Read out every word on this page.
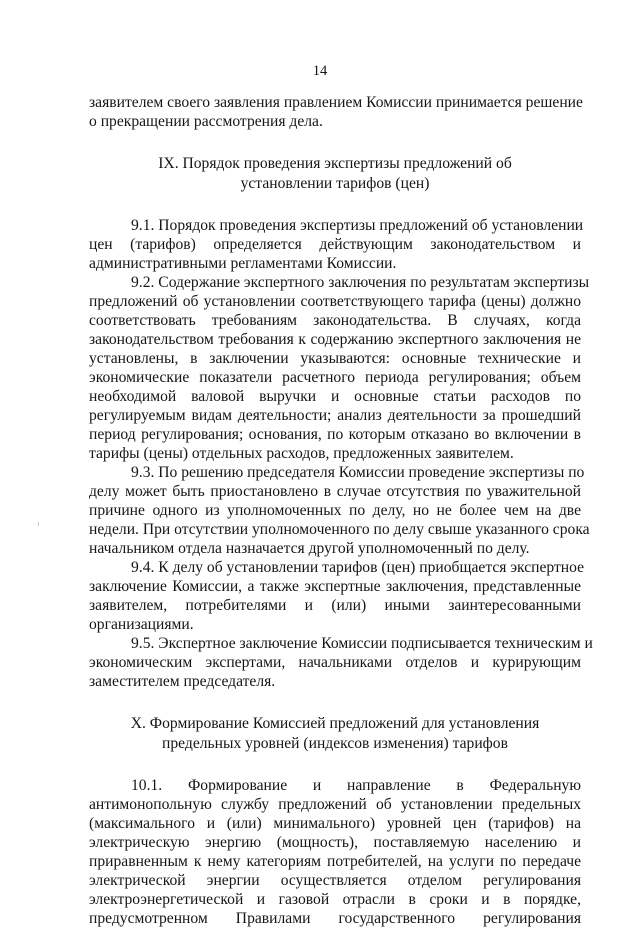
14
заявителем своего заявления правлением Комиссии принимается решение
о прекращении рассмотрения дела.
IX. Порядок проведения экспертизы предложений об
установлении тарифов (цен)
9.1. Порядок проведения экспертизы предложений об установлении
цен (тарифов) определяется действующим законодательством и
административными регламентами Комиссии.
9.2. Содержание экспертного заключения по результатам экспертизы
предложений об установлении соответствующего тарифа (цены) должно
соответствовать требованиям законодательства. В случаях, когда
законодательством требования к содержанию экспертного заключения не
установлены, в заключении указываются: основные технические и
экономические показатели расчетного периода регулирования; объем
необходимой валовой выручки и основные статьи расходов по
регулируемым видам деятельности; анализ деятельности за прошедший
период регулирования; основания, по которым отказано во включении в
тарифы (цены) отдельных расходов, предложенных заявителем.
9.3. По решению председателя Комиссии проведение экспертизы по
делу может быть приостановлено в случае отсутствия по уважительной
причине одного из уполномоченных по делу, но не более чем на две
недели. При отсутствии уполномоченного по делу свыше указанного срока
начальником отдела назначается другой уполномоченный по делу.
9.4. К делу об установлении тарифов (цен) приобщается экспертное
заключение Комиссии, а также экспертные заключения, представленные
заявителем, потребителями и (или) иными заинтересованными
организациями.
9.5. Экспертное заключение Комиссии подписывается техническим и
экономическим экспертами, начальниками отделов и курирующим
заместителем председателя.
X. Формирование Комиссией предложений для установления
предельных уровней (индексов изменения) тарифов
10.1. Формирование и направление в Федеральную
антимонопольную службу предложений об установлении предельных
(максимального и (или) минимального) уровней цен (тарифов) на
электрическую энергию (мощность), поставляемую населению и
приравненным к нему категориям потребителей, на услуги по передаче
электрической энергии осуществляется отделом регулирования
электроэнергетической и газовой отрасли в сроки и в порядке,
предусмотренном Правилами государственного регулирования
